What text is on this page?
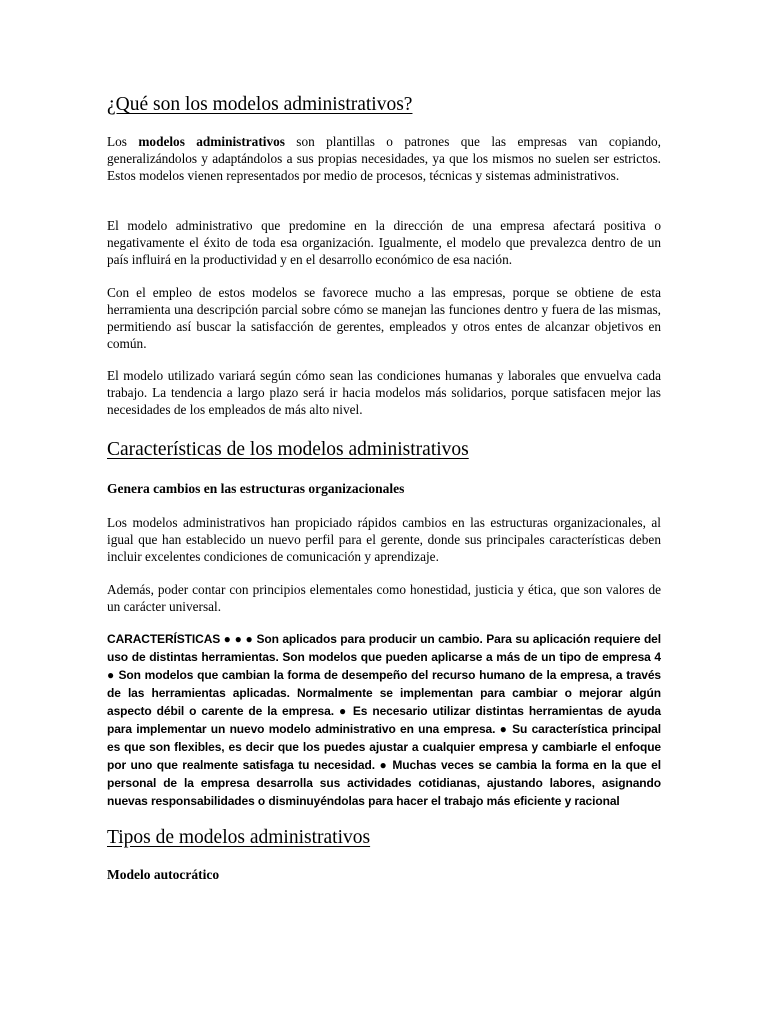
¿Qué son los modelos administrativos?

Los modelos administrativos son plantillas o patrones que las empresas van copiando, generalizándolos y adaptándolos a sus propias necesidades, ya que los mismos no suelen ser estrictos. Estos modelos vienen representados por medio de procesos, técnicas y sistemas administrativos.

El modelo administrativo que predomine en la dirección de una empresa afectará positiva o negativamente el éxito de toda esa organización. Igualmente, el modelo que prevalezca dentro de un país influirá en la productividad y en el desarrollo económico de esa nación.

Con el empleo de estos modelos se favorece mucho a las empresas, porque se obtiene de esta herramienta una descripción parcial sobre cómo se manejan las funciones dentro y fuera de las mismas, permitiendo así buscar la satisfacción de gerentes, empleados y otros entes de alcanzar objetivos en común.

El modelo utilizado variará según cómo sean las condiciones humanas y laborales que envuelva cada trabajo. La tendencia a largo plazo será ir hacia modelos más solidarios, porque satisfacen mejor las necesidades de los empleados de más alto nivel.

Características de los modelos administrativos
Genera cambios en las estructuras organizacionales

Los modelos administrativos han propiciado rápidos cambios en las estructuras organizacionales, al igual que han establecido un nuevo perfil para el gerente, donde sus principales características deben incluir excelentes condiciones de comunicación y aprendizaje.

Además, poder contar con principios elementales como honestidad, justicia y ética, que son valores de un carácter universal.

CARACTERÍSTICAS ● ● ● Son aplicados para producir un cambio. Para su aplicación requiere del uso de distintas herramientas. Son modelos que pueden aplicarse a más de un tipo de empresa 4 ● Son modelos que cambian la forma de desempeño del recurso humano de la empresa, a través de las herramientas aplicadas. Normalmente se implementan para cambiar o mejorar algún aspecto débil o carente de la empresa. ● Es necesario utilizar distintas herramientas de ayuda para implementar un nuevo modelo administrativo en una empresa. ● Su característica principal es que son flexibles, es decir que los puedes ajustar a cualquier empresa y cambiarle el enfoque por uno que realmente satisfaga tu necesidad. ● Muchas veces se cambia la forma en la que el personal de la empresa desarrolla sus actividades cotidianas, ajustando labores, asignando nuevas responsabilidades o disminuyéndolas para hacer el trabajo más eficiente y racional

Tipos de modelos administrativos
Modelo autocrático
